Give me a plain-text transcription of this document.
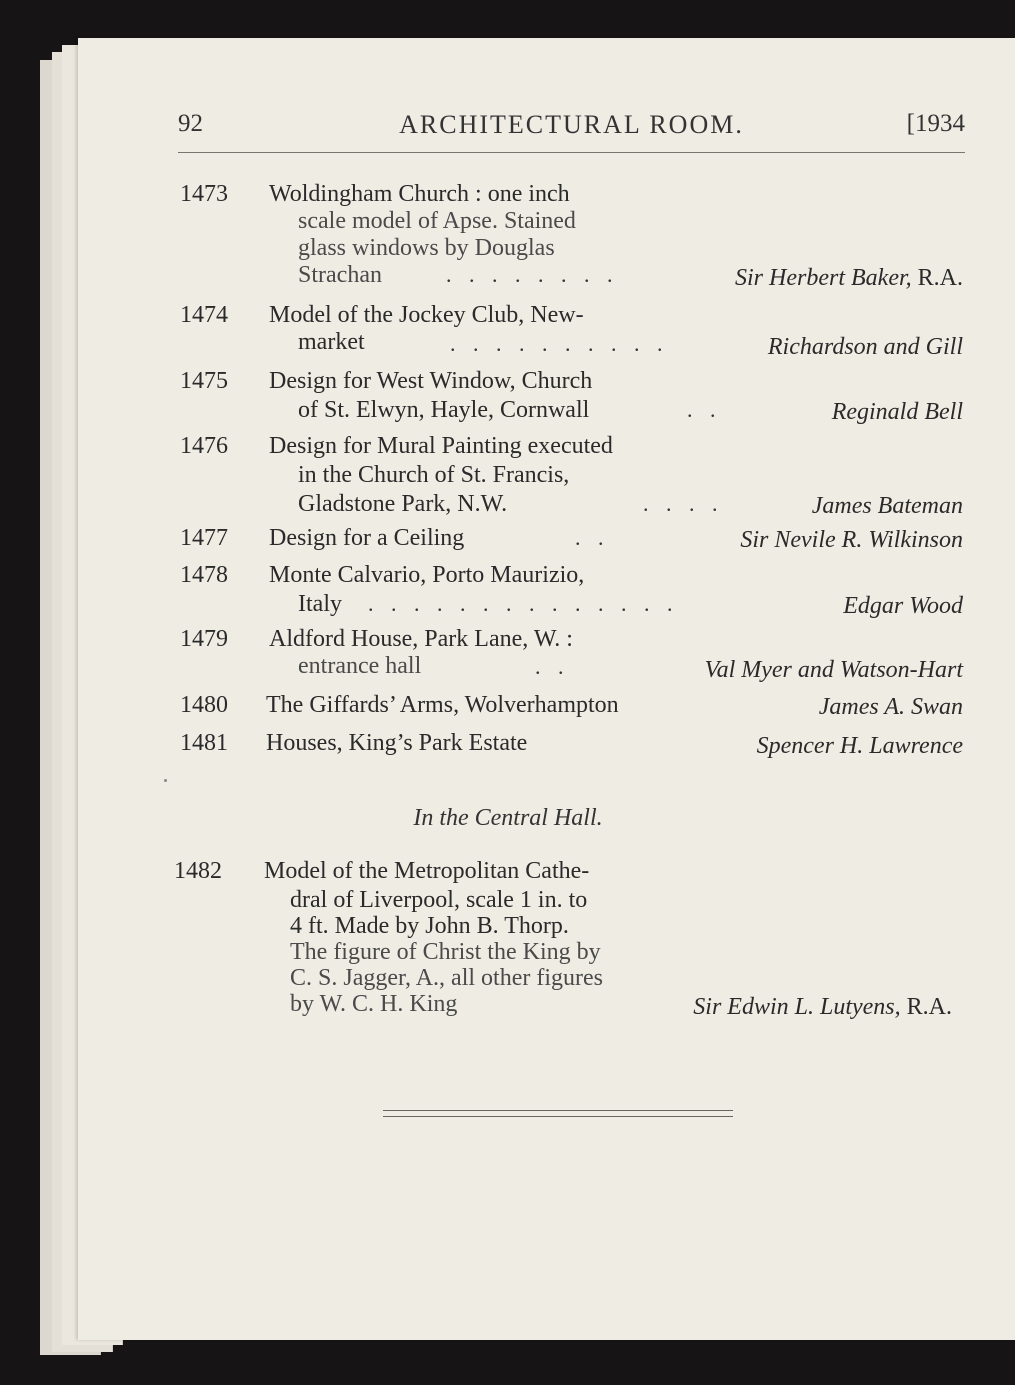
92	ARCHITECTURAL ROOM.	[1934
1473 Woldingham Church : one inch
scale model of Apse. Stained
glass windows by Douglas
Strachan	. . . . . . . .	Sir Herbert Baker, R.A.
1474 Model of the Jockey Club, New-
market	. . . . . . . . . .	Richardson and Gill
1475 Design for West Window, Church
of St. Elwyn, Hayle, Cornwall	. .	Reginald Bell
1476 Design for Mural Painting executed
in the Church of St. Francis,
Gladstone Park, N.W.	. . . .	James Bateman
1477 Design for a Ceiling	. .	Sir Nevile R. Wilkinson
1478 Monte Calvario, Porto Maurizio,
Italy . . . . . . . . . . . . . .	Edgar Wood
1479 Aldford House, Park Lane, W. :
entrance hall	. .	Val Myer and Watson-Hart
1480 The Giffards’ Arms, Wolverhampton	James A. Swan
1481 Houses, King’s Park Estate	Spencer H. Lawrence
In the Central Hall.
1482 Model of the Metropolitan Cathe-
dral of Liverpool, scale 1 in. to
4 ft. Made by John B. Thorp.
The figure of Christ the King by
C. S. Jagger, A., all other figures
by W. C. H. King	Sir Edwin L. Lutyens, R.A.
